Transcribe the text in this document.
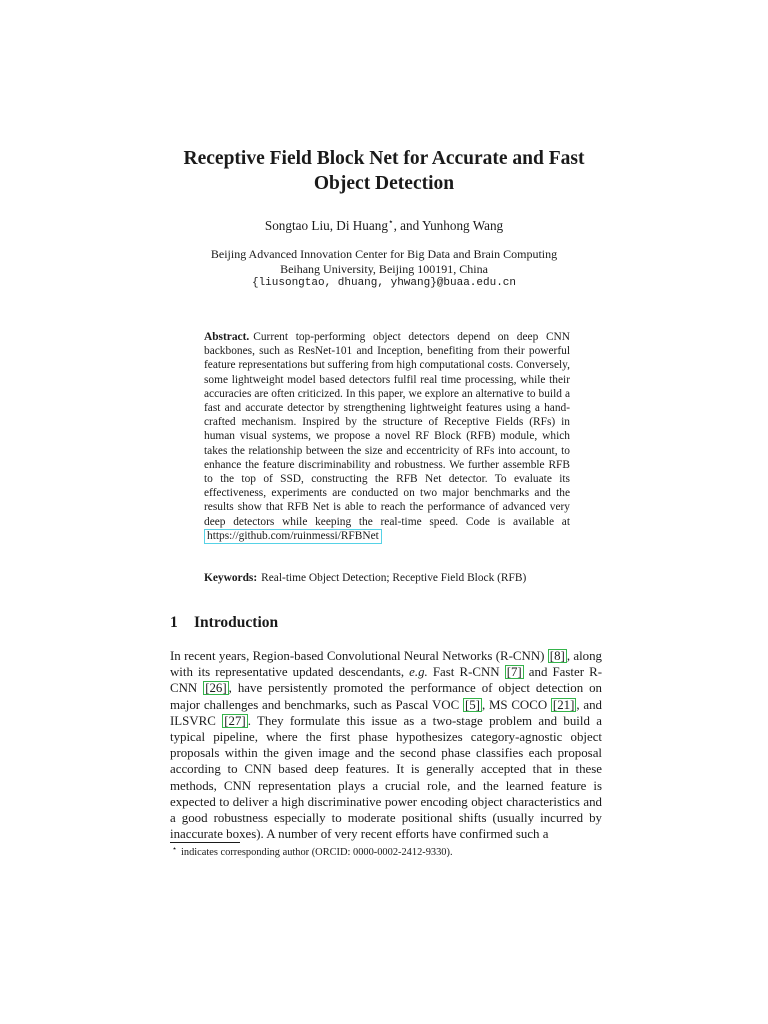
Receptive Field Block Net for Accurate and Fast
Object Detection
Songtao Liu, Di Huang⋆, and Yunhong Wang
Beijing Advanced Innovation Center for Big Data and Brain Computing
Beihang University, Beijing 100191, China
{liusongtao, dhuang, yhwang}@buaa.edu.cn
Abstract. Current top-performing object detectors depend on deep CNN backbones, such as ResNet-101 and Inception, benefiting from their powerful feature representations but suffering from high computational costs. Conversely, some lightweight model based detectors fulfil real time processing, while their accuracies are often criticized. In this paper, we explore an alternative to build a fast and accurate detector by strengthening lightweight features using a hand-crafted mechanism. Inspired by the structure of Receptive Fields (RFs) in human visual systems, we propose a novel RF Block (RFB) module, which takes the relationship between the size and eccentricity of RFs into account, to enhance the feature discriminability and robustness. We further assemble RFB to the top of SSD, constructing the RFB Net detector. To evaluate its effectiveness, experiments are conducted on two major benchmarks and the results show that RFB Net is able to reach the performance of advanced very deep detectors while keeping the real-time speed. Code is available at https://github.com/ruinmessi/RFBNet
Keywords: Real-time Object Detection; Receptive Field Block (RFB)
1 Introduction
In recent years, Region-based Convolutional Neural Networks (R-CNN) [8] , along with its representative updated descendants, e.g. Fast R-CNN [7] and Faster R-CNN [26] , have persistently promoted the performance of object detection on major challenges and benchmarks, such as Pascal VOC [5] , MS COCO [21] , and ILSVRC [27] . They formulate this issue as a two-stage problem and build a typical pipeline, where the first phase hypothesizes category-agnostic object proposals within the given image and the second phase classifies each proposal according to CNN based deep features. It is generally accepted that in these methods, CNN representation plays a crucial role, and the learned feature is expected to deliver a high discriminative power encoding object characteristics and a good robustness especially to moderate positional shifts (usually incurred by inaccurate boxes). A number of very recent efforts have confirmed such a
⋆ indicates corresponding author (ORCID: 0000-0002-2412-9330).
